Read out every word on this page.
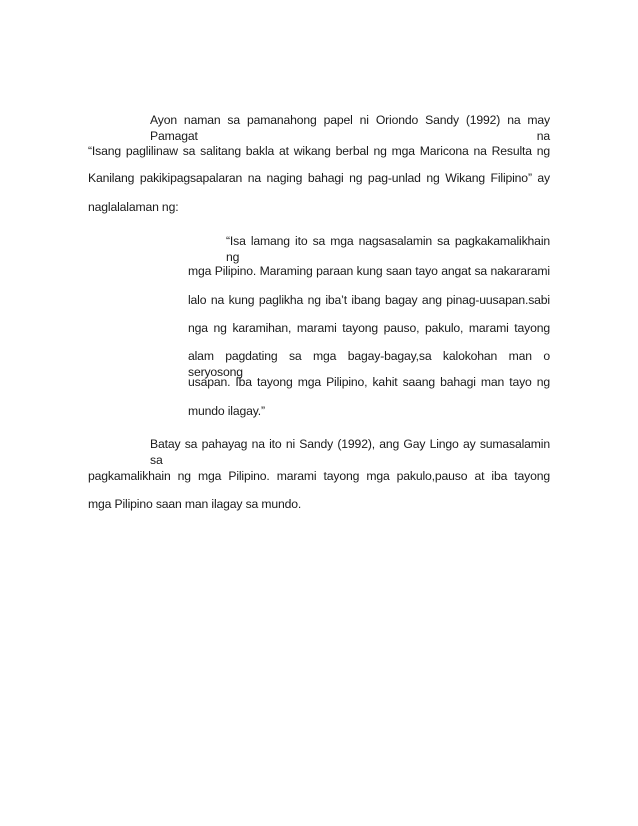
Ayon naman sa pamanahong papel ni Oriondo Sandy (1992) na may Pamagat na
“Isang paglilinaw sa salitang bakla at wikang berbal ng mga Maricona na Resulta ng
Kanilang pakikipagsapalaran na naging bahagi ng pag-unlad ng Wikang Filipino” ay
naglalalaman ng:
“Isa lamang ito sa mga nagsasalamin sa pagkakamalikhain ng
mga Pilipino. Maraming paraan kung saan tayo angat sa nakararami
lalo na kung paglikha ng iba’t ibang bagay ang pinag-uusapan.sabi
nga ng karamihan, marami tayong pauso, pakulo, marami tayong
alam pagdating sa mga bagay-bagay,sa kalokohan man o seryosong
usapan. Iba tayong mga Pilipino, kahit saang bahagi man tayo ng
mundo ilagay.”
Batay sa pahayag na ito ni Sandy (1992), ang Gay Lingo ay sumasalamin sa
pagkamalikhain ng mga Pilipino. marami tayong mga pakulo,pauso at iba tayong
mga Pilipino saan man ilagay sa mundo.
